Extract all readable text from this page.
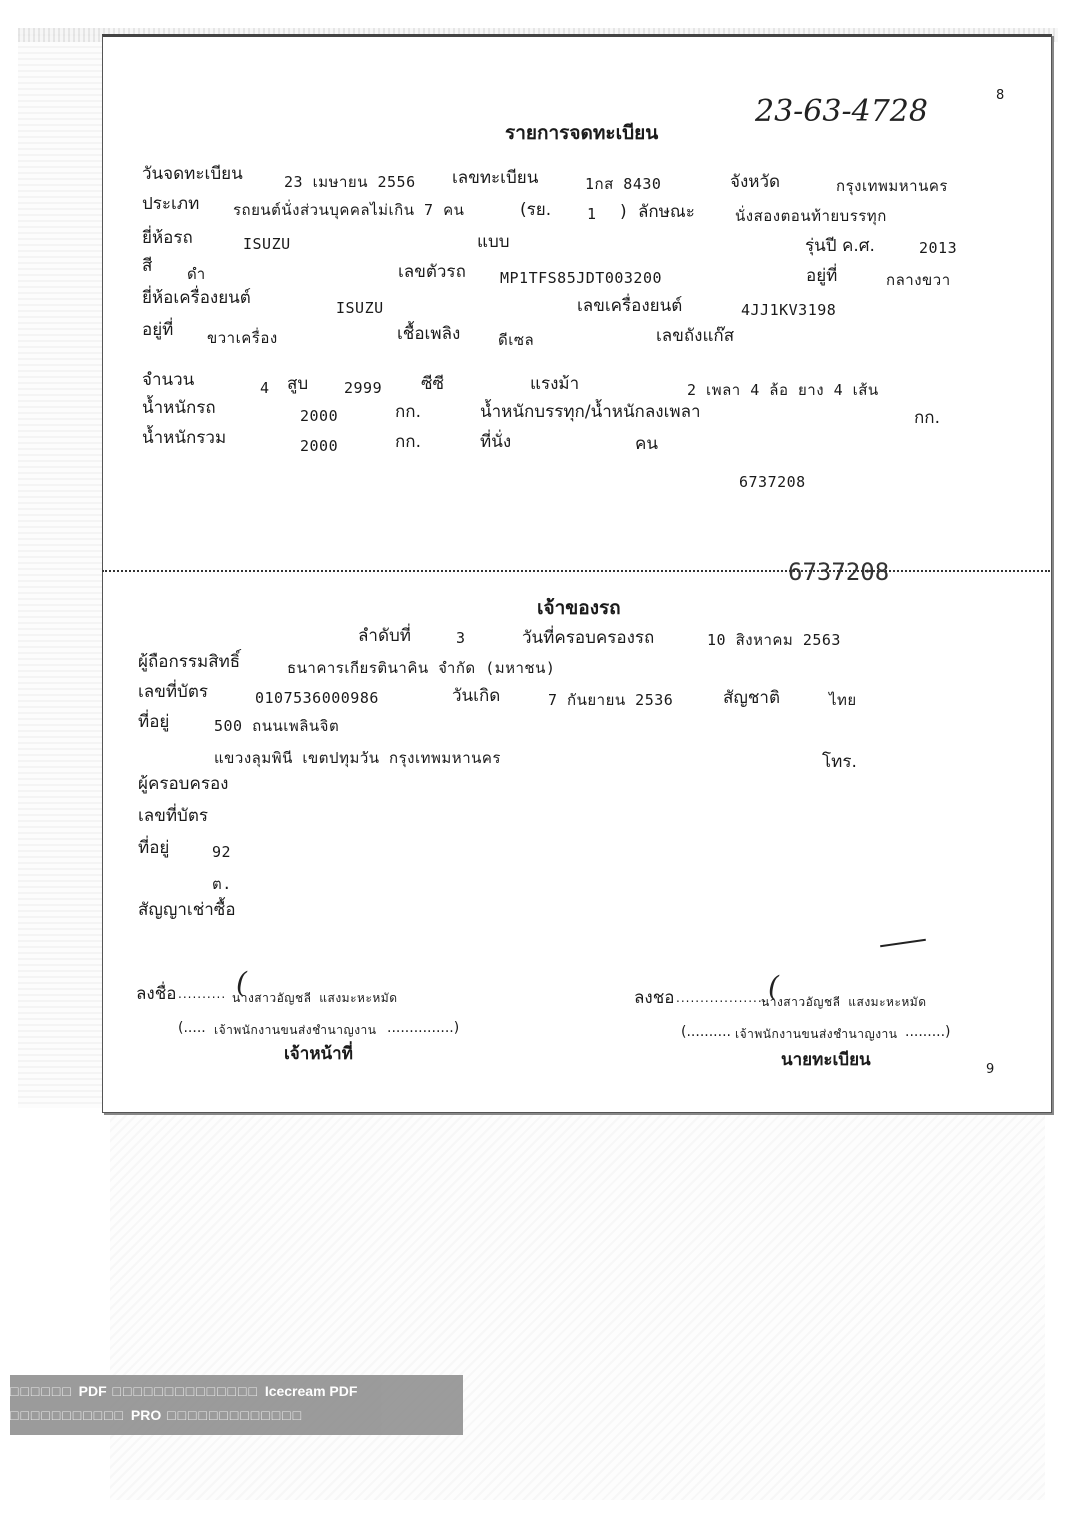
8
23-63-4728
รายการจดทะเบียน
วันจดทะเบียน	23 เมษายน 2556 เลขทะเบียน	1กส 8430	จังหวัด	กรุงเทพมหานคร
ประเภท รถยนต์นั่งส่วนบุคคลไม่เกิน 7 คน	(รย. 1 ) ลักษณะ	นั่งสองตอนท้ายบรรทุก
ยี่ห้อรถ	ISUZU	แบบ	รุ่นปี ค.ศ.	2013
สี ดำ	เลขตัวรถ MP1TFS85JDT003200	อยู่ที่	กลางขวา
ยี่ห้อเครื่องยนต์	ISUZU	เลขเครื่องยนต์	4JJ1KV3198
อยู่ที่ ขวาเครื่อง	เชื้อเพลิง	ดีเซล	เลขถังแก๊ส
จำนวน	4 สูบ 2999 ซีซี	แรงม้า	2 เพลา 4 ล้อ ยาง 4 เส้น
น้ำหนักรถ	2000	กก.	น้ำหนักบรรทุก/น้ำหนักลงเพลา	กก.
น้ำหนักรวม	2000	กก.	ที่นั่ง	คน
6737208
6737208
เจ้าของรถ
ลำดับที่	3	วันที่ครอบครองรถ	10 สิงหาคม 2563
ผู้ถือกรรมสิทธิ์	ธนาคารเกียรตินาคิน จำกัด (มหาชน)
เลขที่บัตร	0107536000986	วันเกิด	7 กันยายน 2536	สัญชาติ	ไทย
ที่อยู่	500 ถนนเพลินจิต
แขวงลุมพินี เขตปทุมวัน กรุงเทพมหานคร	โทร.
ผู้ครอบครอง
เลขที่บัตร
ที่อยู่	92
ต.
สัญญาเช่าซื้อ
ลงชื่อ .......... นางสาวอัญชลี แสงมะหะหมัด
(
(..... เจ้าพนักงานขนส่งชำนาญงาน ...............)
เจ้าหน้าที่
ลงชอ ...................
นางสาวอัญชลี แสงมะหะหมัด
(
(.......... เจ้าพนักงานขนส่งชำนาญงาน .........)
นายทะเบียน	9
□□□□□□ PDF □□□□□□□□□□□□□□ Icecream PDF
□□□□□□□□□□□ PRO □□□□□□□□□□□□□
